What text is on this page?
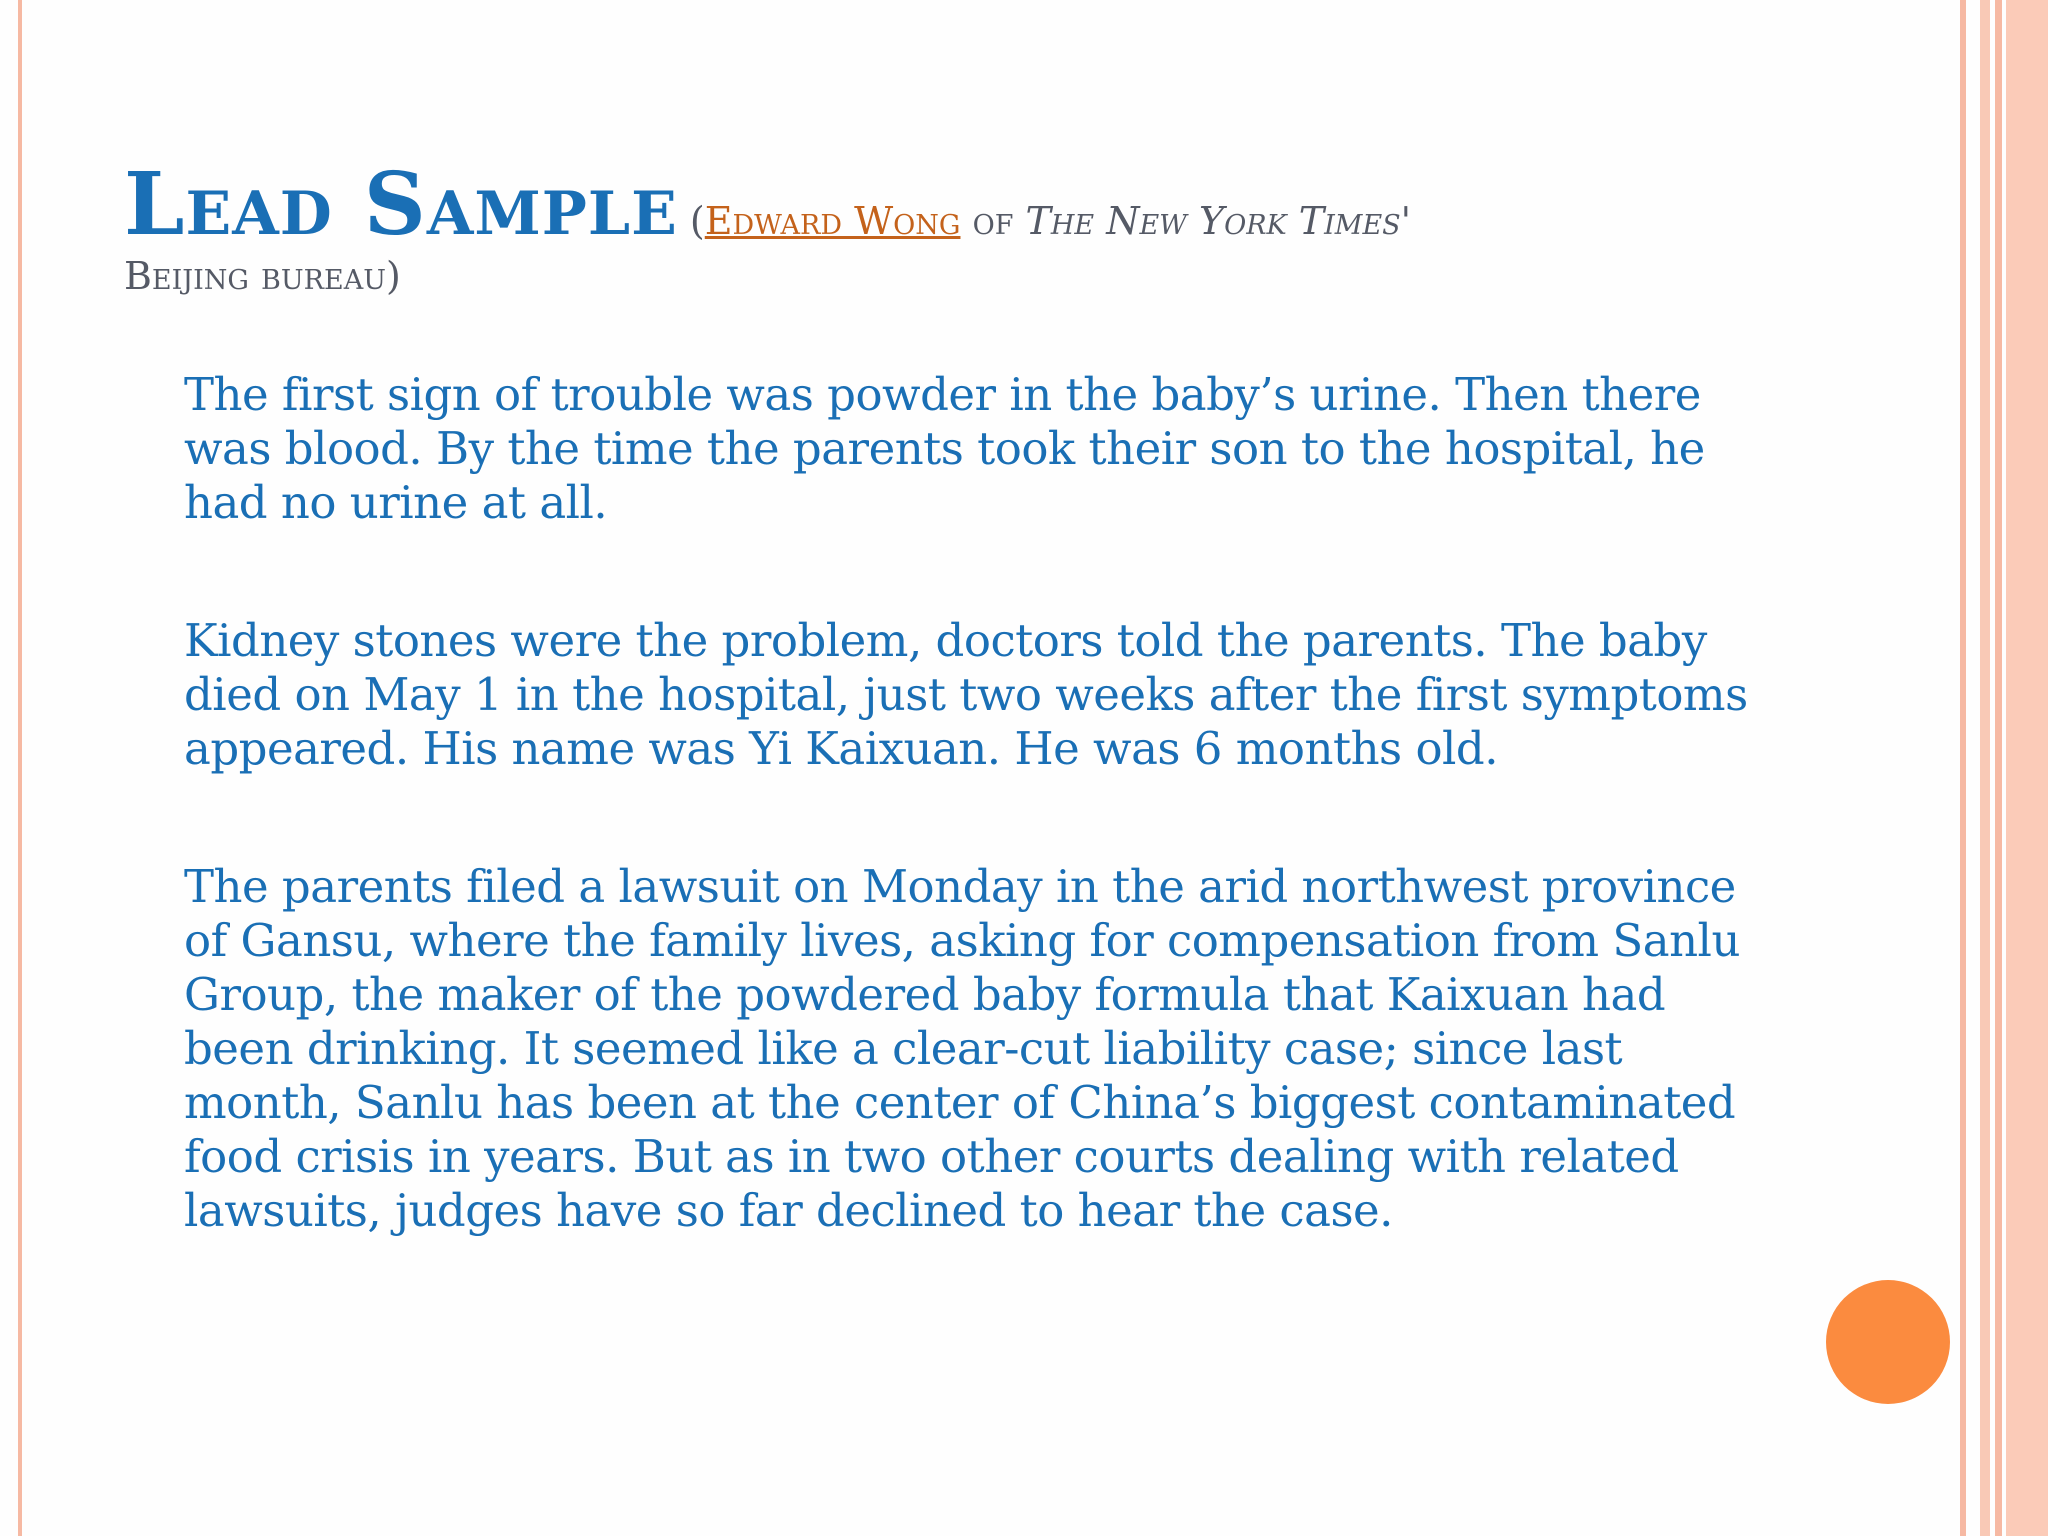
Lead Sample (Edward Wong of The New York Times'
Beijing bureau)

The first sign of trouble was powder in the baby’s urine. Then there was blood. By the time the parents took their son to the hospital, he had no urine at all.

Kidney stones were the problem, doctors told the parents. The baby died on May 1 in the hospital, just two weeks after the first symptoms appeared. His name was Yi Kaixuan. He was 6 months old.

The parents filed a lawsuit on Monday in the arid northwest province of Gansu, where the family lives, asking for compensation from Sanlu Group, the maker of the powdered baby formula that Kaixuan had been drinking. It seemed like a clear-cut liability case; since last month, Sanlu has been at the center of China’s biggest contaminated food crisis in years. But as in two other courts dealing with related lawsuits, judges have so far declined to hear the case.
